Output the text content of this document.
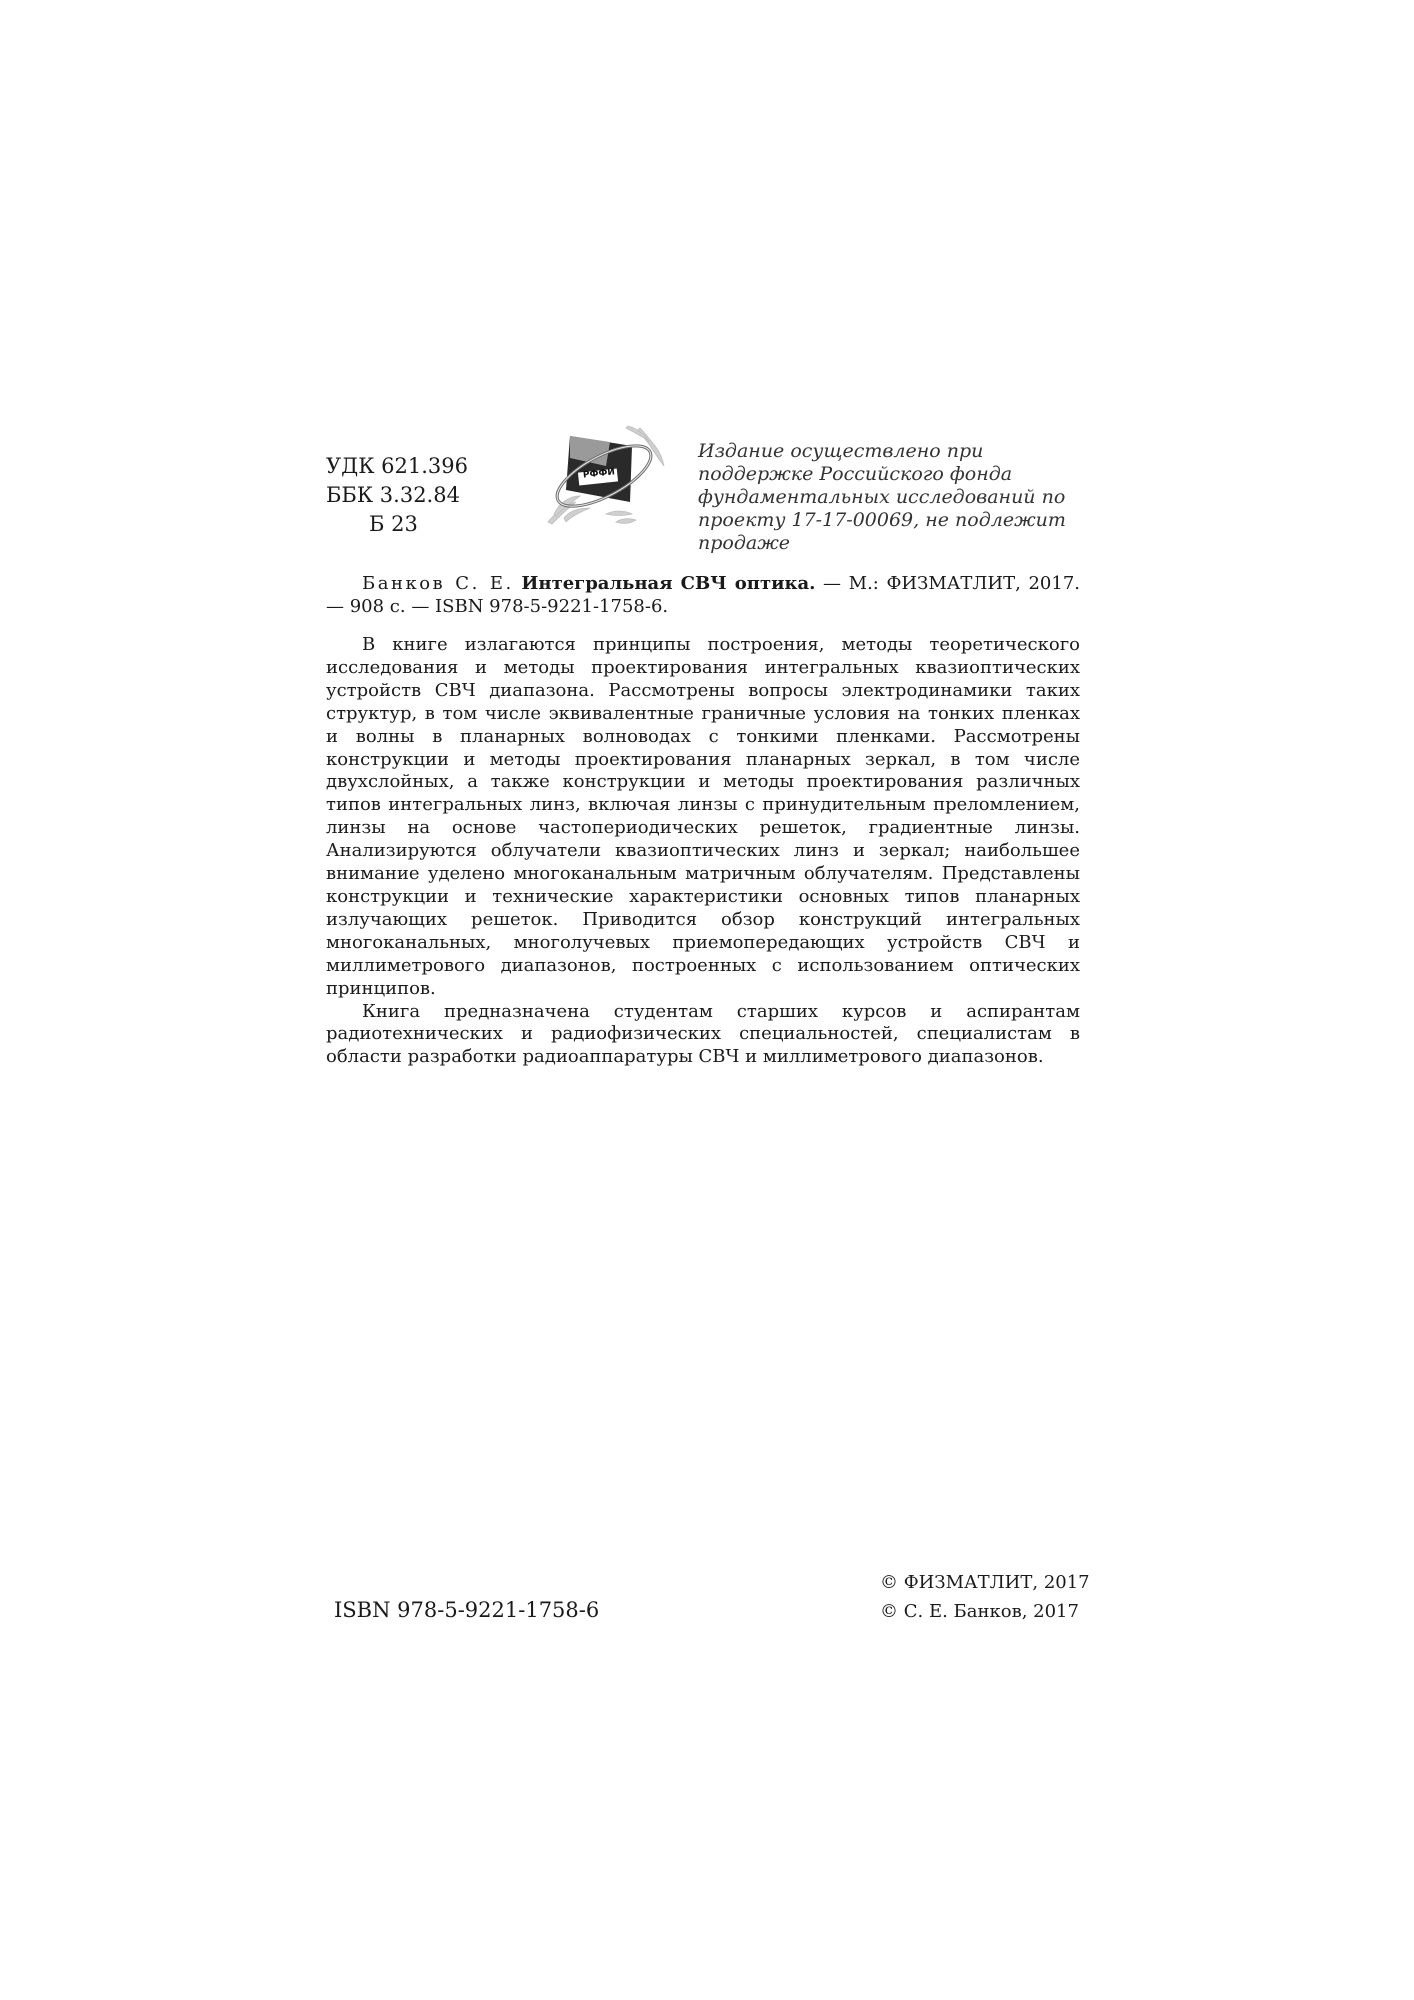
УДК 621.396
ББК 3.32.84
Б 23
РФФИ
Издание осуществлено при поддержке Российского фонда фундаментальных исследований по проекту 17-17-00069, не подлежит продаже
Банков С. Е. Интегральная СВЧ оптика. — М.: ФИЗМАТЛИТ, 2017. — 908 с. — ISBN 978-5-9221-1758-6.

В книге излагаются принципы построения, методы теоретического исследования и методы проектирования интегральных квазиоптических устройств СВЧ диапазона. Рассмотрены вопросы электродинамики таких структур, в том числе эквивалентные граничные условия на тонких пленках и волны в планарных волноводах с тонкими пленками. Рассмотрены конструкции и методы проектирования планарных зеркал, в том числе двухслойных, а также конструкции и методы проектирования различных типов интегральных линз, включая линзы с принудительным преломлением, линзы на основе частопериодических решеток, градиентные линзы. Анализируются облучатели квазиоптических линз и зеркал; наибольшее внимание уделено многоканальным матричным облучателям. Представлены конструкции и технические характеристики основных типов планарных излучающих решеток. Приводится обзор конструкций интегральных многоканальных, многолучевых приемопередающих устройств СВЧ и миллиметрового диапазонов, построенных с использованием оптических принципов.

Книга предназначена студентам старших курсов и аспирантам радиотехнических и радиофизических специальностей, специалистам в области разработки радиоаппаратуры СВЧ и миллиметрового диапазонов.

ISBN 978-5-9221-1758-6
© ФИЗМАТЛИТ, 2017
© С. Е. Банков, 2017
